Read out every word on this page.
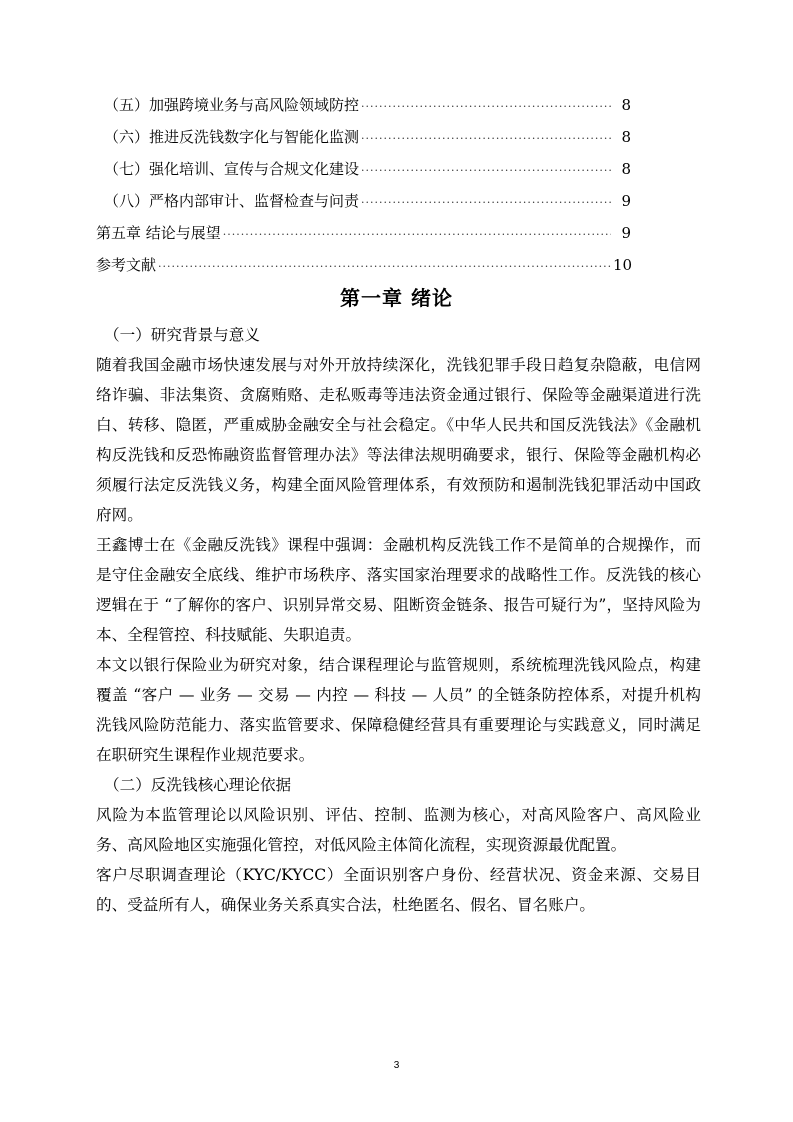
（五）加强跨境业务与高风险领域防控 ·····	8
（六）推进反洗钱数字化与智能化监测 ·····	8
（七）强化培训、宣传与合规文化建设 ·····	8
（八）严格内部审计、监督检查与问责 ·····	9
第五章 结论与展望 ·····	9
参考文献 ·····	10
第一章 绪论
（一）研究背景与意义

随着我国金融市场快速发展与对外开放持续深化，洗钱犯罪手段日趋复杂隐蔽，电信网络诈骗、非法集资、贪腐贿赂、走私贩毒等违法资金通过银行、保险等金融渠道进行洗白、转移、隐匿，严重威胁金融安全与社会稳定。《中华人民共和国反洗钱法》《金融机构反洗钱和反恐怖融资监督管理办法》等法律法规明确要求，银行、保险等金融机构必须履行法定反洗钱义务，构建全面风险管理体系，有效预防和遏制洗钱犯罪活动中国政府网。

王鑫博士在《金融反洗钱》课程中强调：金融机构反洗钱工作不是简单的合规操作，而是守住金融安全底线、维护市场秩序、落实国家治理要求的战略性工作。反洗钱的核心逻辑在于 “了解你的客户、识别异常交易、阻断资金链条、报告可疑行为”，坚持风险为本、全程管控、科技赋能、失职追责。

本文以银行保险业为研究对象，结合课程理论与监管规则，系统梳理洗钱风险点，构建覆盖 “客户 — 业务 — 交易 — 内控 — 科技 — 人员” 的全链条防控体系，对提升机构洗钱风险防范能力、落实监管要求、保障稳健经营具有重要理论与实践意义，同时满足在职研究生课程作业规范要求。

（二）反洗钱核心理论依据

风险为本监管理论以风险识别、评估、控制、监测为核心，对高风险客户、高风险业务、高风险地区实施强化管控，对低风险主体简化流程，实现资源最优配置。

客户尽职调查理论（KYC/KYCC）全面识别客户身份、经营状况、资金来源、交易目的、受益所有人，确保业务关系真实合法，杜绝匿名、假名、冒名账户。

3
